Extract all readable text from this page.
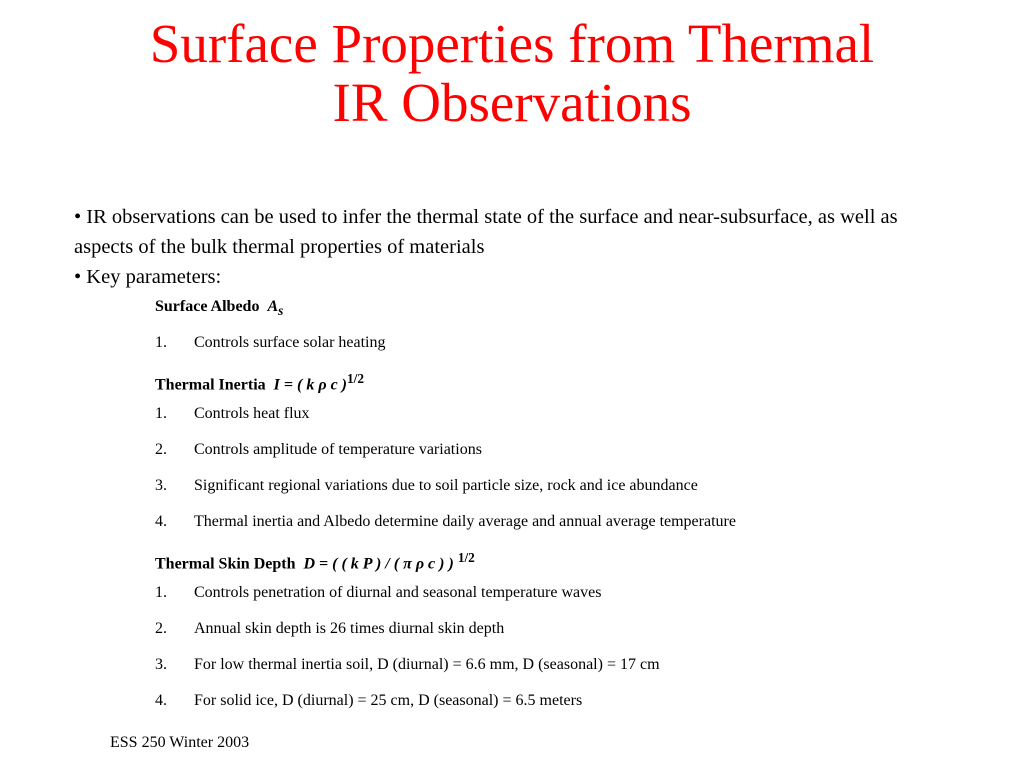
Surface Properties from Thermal
IR Observations
• IR observations can be used to infer the thermal state of the surface and near-subsurface, as well as aspects of the bulk thermal properties of materials
• Key parameters:
Surface Albedo $A_s$
1. Controls surface solar heating
Thermal Inertia I = ( k ρ c )$^{1/2}$
1. Controls heat flux
2. Controls amplitude of temperature variations
3. Significant regional variations due to soil particle size, rock and ice abundance
4. Thermal inertia and Albedo determine daily average and annual average temperature
Thermal Skin Depth D = ( ( k P ) / ( π ρ c ) ) $^{1/2}$
1. Controls penetration of diurnal and seasonal temperature waves
2. Annual skin depth is 26 times diurnal skin depth
3. For low thermal inertia soil, D (diurnal) = 6.6 mm, D (seasonal) = 17 cm
4. For solid ice, D (diurnal) = 25 cm, D (seasonal) = 6.5 meters
ESS 250 Winter 2003
